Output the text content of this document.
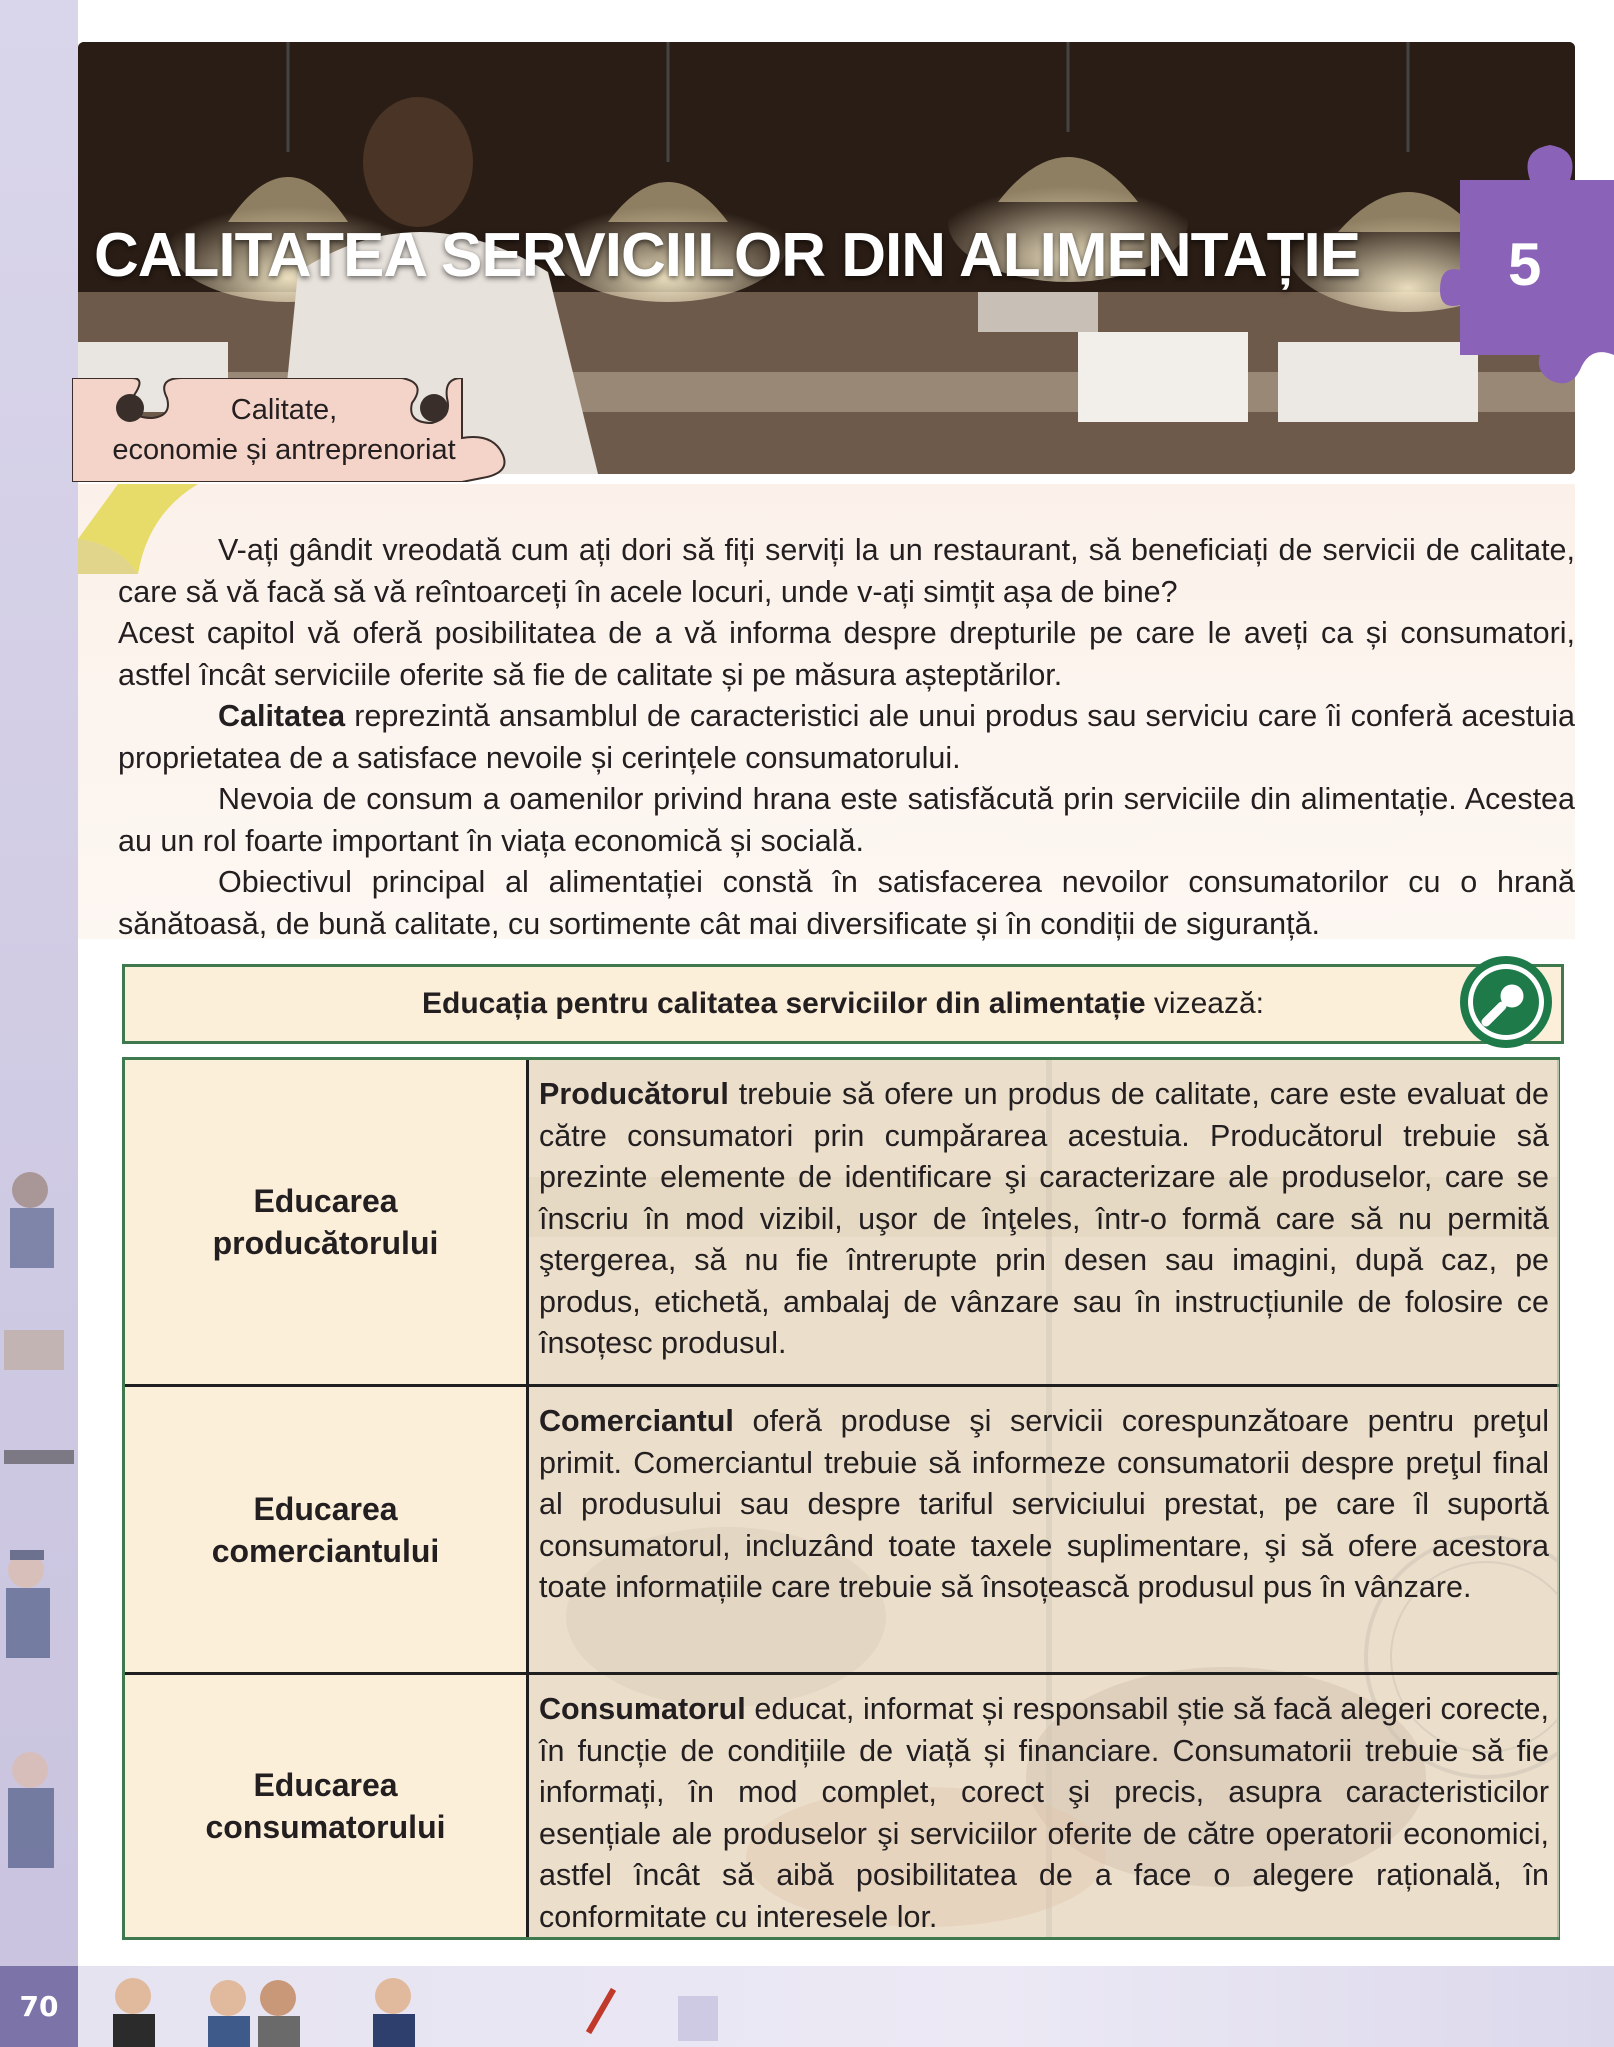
70
CALITATEA SERVICIILOR DIN ALIMENTAȚIE 5
Calitate,
economie și antreprenoriat

V-ați gândit vreodată cum ați dori să fiți serviți la un restaurant, să beneficiați de servicii de calitate, care să vă facă să vă reîntoarceți în acele locuri, unde v-ați simțit așa de bine?

Acest capitol vă oferă posibilitatea de a vă informa despre drepturile pe care le aveți ca și consumatori, astfel încât serviciile oferite să fie de calitate și pe măsura așteptărilor.

Calitatea reprezintă ansamblul de caracteristici ale unui produs sau serviciu care îi conferă acestuia proprietatea de a satisface nevoile și cerințele consumatorului.

Nevoia de consum a oamenilor privind hrana este satisfăcută prin serviciile din alimentație. Acestea au un rol foarte important în viața economică și socială.

Obiectivul principal al alimentației constă în satisfacerea nevoilor consumatorilor cu o hrană sănătoasă, de bună calitate, cu sortimente cât mai diversificate și în condiții de siguranță.

Educația pentru calitatea serviciilor din alimentație vizează:
Educarea
producătorului
Producătorul trebuie să ofere un produs de calitate, care este evaluat de către consumatori prin cumpărarea acestuia. Producătorul trebuie să prezinte elemente de identificare şi caracterizare ale produselor, care se înscriu în mod vizibil, uşor de înţeles, într-o formă care să nu permită ştergerea, să nu fie întrerupte prin desen sau imagini, după caz, pe produs, etichetă, ambalaj de vânzare sau în instrucțiunile de folosire ce însoțesc produsul.
Educarea
comerciantului
Comerciantul oferă produse şi servicii corespunzătoare pentru preţul primit. Comerciantul trebuie să informeze consumatorii despre preţul final al produsului sau despre tariful serviciului prestat, pe care îl suportă consumatorul, incluzând toate taxele suplimentare, şi să ofere acestora toate informațiile care trebuie să însoțească produsul pus în vânzare.
Educarea
consumatorului
Consumatorul educat, informat și responsabil știe să facă alegeri corecte, în funcție de condițiile de viață și financiare. Consumatorii trebuie să fie informați, în mod complet, corect şi precis, asupra caracteristicilor esențiale ale produselor şi serviciilor oferite de către operatorii economici, astfel încât să aibă posibilitatea de a face o alegere rațională, în conformitate cu interesele lor.
